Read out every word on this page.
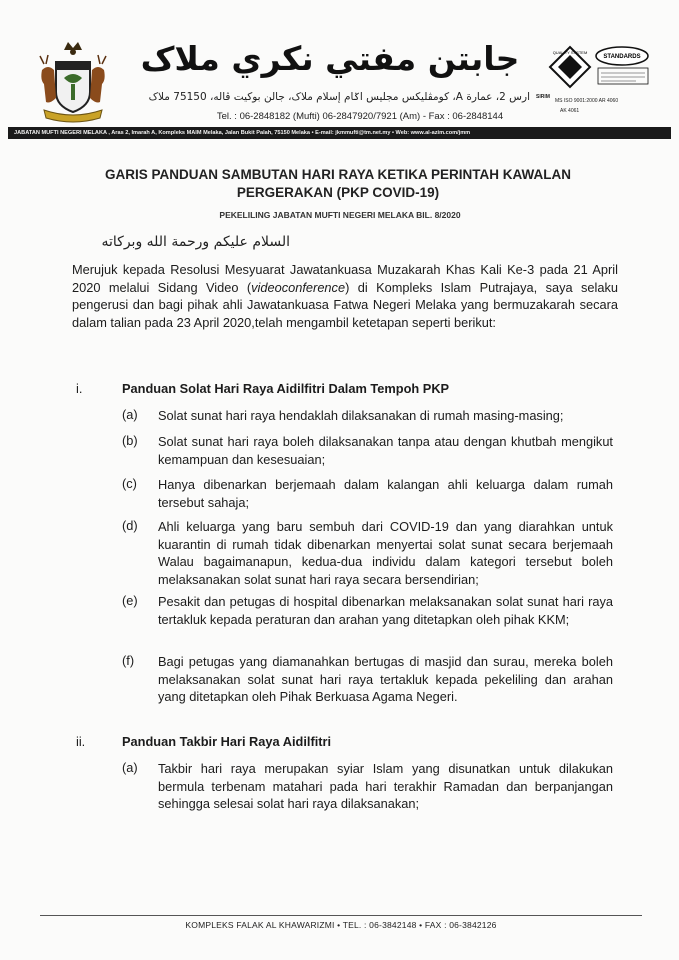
جابتن مفتي نکري ملاک
ارس 2، عمارة A، کومڤليکس مجليس اݢام إسلام ملاک، جالن بوکيت ڤاله، 75150 ملاک
Tel. : 06-2848182 (Mufti) 06-2847920/7921 (Am) - Fax : 06-2848144
QUALITY SYSTEM
STANDARDS
SIRIM
MS ISO 9001:2000 AR 4060
AK 4061
JABATAN MUFTI NEGERI MELAKA , Aras 2, Imarah A, Kompleks MAIM Melaka, Jalan Bukit Palah, 75150 Melaka • E-mail: jkmmufti@tm.net.my • Web: www.al-azim.com/jmm
GARIS PANDUAN SAMBUTAN HARI RAYA KETIKA PERINTAH KAWALAN
PERGERAKAN (PKP COVID-19)
PEKELILING JABATAN MUFTI NEGERI MELAKA BIL. 8/2020
السلام عليكم ورحمة الله وبركاته
Merujuk kepada Resolusi Mesyuarat Jawatankuasa Muzakarah Khas Kali Ke-3 pada 21 April 2020 melalui Sidang Video (videoconference) di Kompleks Islam Putrajaya, saya selaku pengerusi dan bagi pihak ahli Jawatankuasa Fatwa Negeri Melaka yang bermuzakarah secara dalam talian pada 23 April 2020,telah mengambil ketetapan seperti berikut:
i.	Panduan Solat Hari Raya Aidilfitri Dalam Tempoh PKP
(a)	Solat sunat hari raya hendaklah dilaksanakan di rumah masing-masing;
(b)	Solat sunat hari raya boleh dilaksanakan tanpa atau dengan khutbah mengikut kemampuan dan kesesuaian;
(c)	Hanya dibenarkan berjemaah dalam kalangan ahli keluarga dalam rumah tersebut sahaja;
(d)	Ahli keluarga yang baru sembuh dari COVID-19 dan yang diarahkan untuk kuarantin di rumah tidak dibenarkan menyertai solat sunat secara berjemaah Walau bagaimanapun, kedua-dua individu dalam kategori tersebut boleh melaksanakan solat sunat hari raya secara bersendirian;
(e)	Pesakit dan petugas di hospital dibenarkan melaksanakan solat sunat hari raya tertakluk kepada peraturan dan arahan yang ditetapkan oleh pihak KKM;
(f)	Bagi petugas yang diamanahkan bertugas di masjid dan surau, mereka boleh melaksanakan solat sunat hari raya tertakluk kepada pekeliling dan arahan yang ditetapkan oleh Pihak Berkuasa Agama Negeri.
ii.	Panduan Takbir Hari Raya Aidilfitri
(a)	Takbir hari raya merupakan syiar Islam yang disunatkan untuk dilakukan bermula terbenam matahari pada hari terakhir Ramadan dan berpanjangan sehingga selesai solat hari raya dilaksanakan;
KOMPLEKS FALAK AL KHAWARIZMI • TEL. : 06-3842148 • FAX : 06-3842126
